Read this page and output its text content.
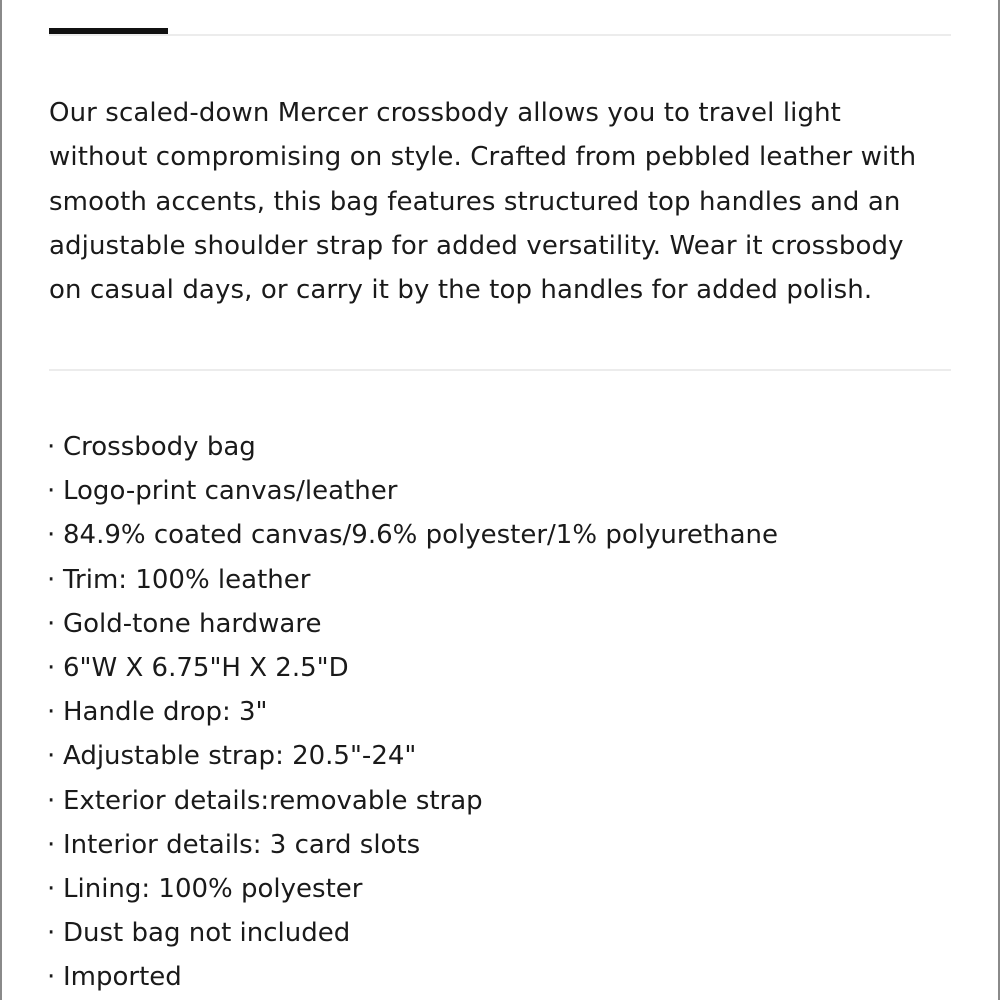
Our scaled-down Mercer crossbody allows you to travel light
without compromising on style. Crafted from pebbled leather with
smooth accents, this bag features structured top handles and an
adjustable shoulder strap for added versatility. Wear it crossbody
on casual days, or carry it by the top handles for added polish.

· Crossbody bag
· Logo-print canvas/leather
· 84.9% coated canvas/9.6% polyester/1% polyurethane
· Trim: 100% leather
· Gold-tone hardware
· 6"W X 6.75"H X 2.5"D
· Handle drop: 3"
· Adjustable strap: 20.5"-24"
· Exterior details:removable strap
· Interior details: 3 card slots
· Lining: 100% polyester
· Dust bag not included
· Imported
